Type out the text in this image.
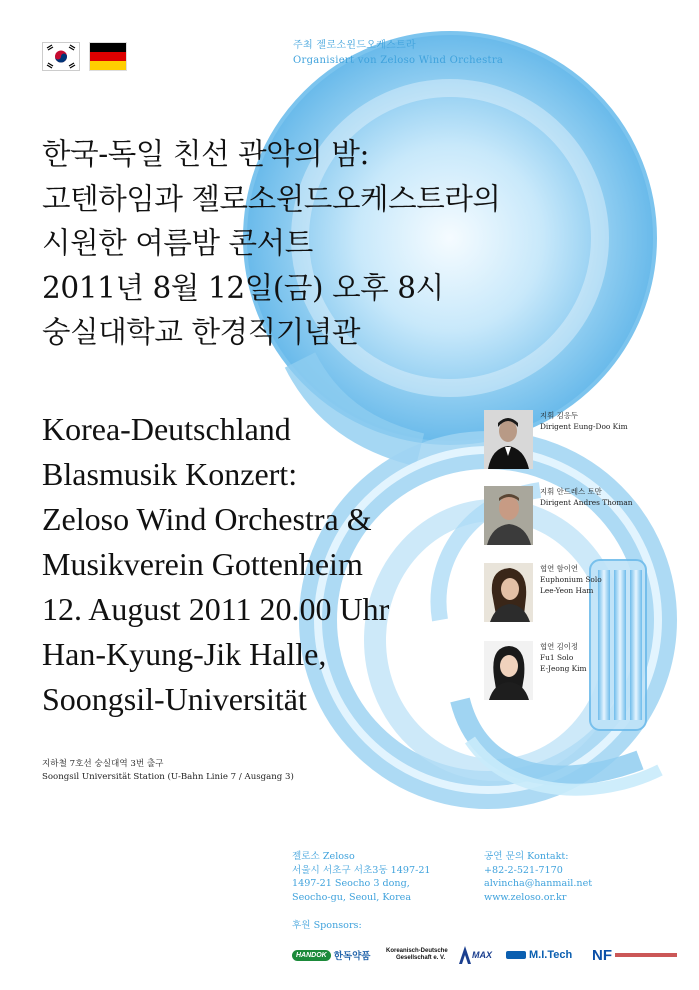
주최 젤로소윈드오케스트라
Organisiert von Zeloso Wind Orchestra
한국-독일 친선 관악의 밤:
고텐하임과 젤로소윈드오케스트라의
시원한 여름밤 콘서트
2011년 8월 12일(금) 오후 8시
숭실대학교 한경직기념관
Korea-Deutschland
Blasmusik Konzert:
Zeloso Wind Orchestra &
Musikverein Gottenheim
12. August 2011 20.00 Uhr
Han-Kyung-Jik Halle,
Soongsil-Universität
지휘 김응두
Dirigent Eung-Doo Kim
지휘 안드레스 토만
Dirigent Andres Thoman
협연 함이연
Euphonium Solo
Lee-Yeon Ham
협연 김이정
Fu1 Solo
E-Jeong Kim
지하철 7호선 숭실대역 3번 출구
Soongsil Universität Station (U-Bahn Linie 7 / Ausgang 3)
젤로소 Zeloso
서울시 서초구 서초3동 1497-21
1497-21 Seocho 3 dong,
Seocho-gu, Seoul, Korea
공연 문의 Kontakt:
+82-2-521-7170
alvincha@hanmail.net
www.zeloso.or.kr
후원 Sponsors:
HANDOK 한독약품	Koreanisch-Deutsche
Gesellschaft e. V.	MAX	M.I.Tech NF
